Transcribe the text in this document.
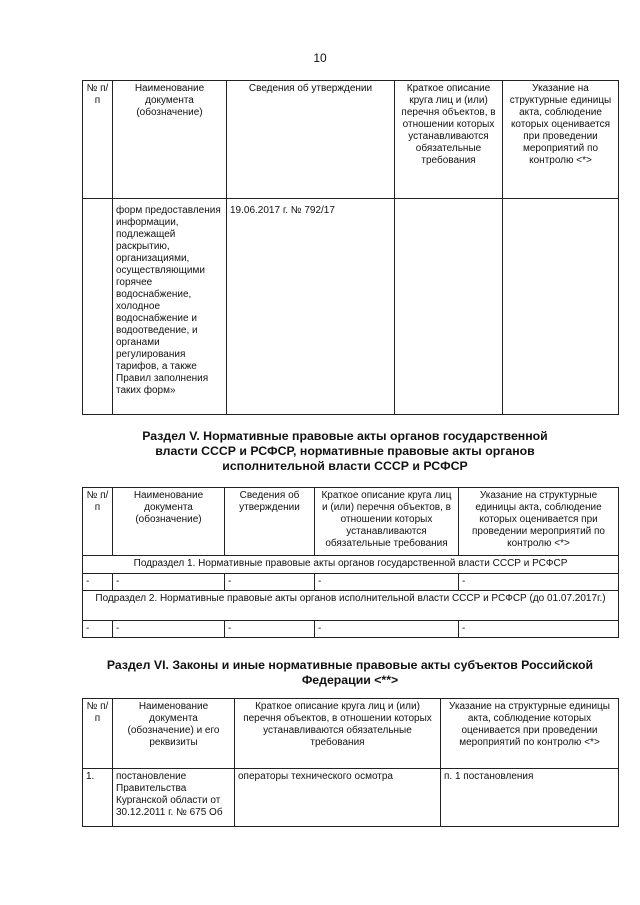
10
№ п/п	Наименование документа (обозначение)	Сведения об утверждении	Краткое описание круга лиц и (или) перечня объектов, в отношении которых устанавливаются обязательные требования	Указание на структурные единицы акта, соблюдение которых оценивается при проведении мероприятий по контролю <*>
	форм предоставления информации, подлежащей раскрытию, организациями, осуществляющими горячее водоснабжение, холодное водоснабжение и водоотведение, и органами регулирования тарифов, а также Правил заполнения таких форм»	19.06.2017 г. № 792/17		
Раздел V. Нормативные правовые акты органов государственной власти СССР и РСФСР, нормативные правовые акты органов исполнительной власти СССР и РСФСР
№ п/п	Наименование документа (обозначение)	Сведения об утверждении	Краткое описание круга лиц и (или) перечня объектов, в отношении которых устанавливаются обязательные требования	Указание на структурные единицы акта, соблюдение которых оценивается при проведении мероприятий по контролю <*>
Подраздел 1. Нормативные правовые акты органов государственной власти СССР и РСФСР				
-	-	-	-	-
Подраздел 2. Нормативные правовые акты органов исполнительной власти СССР и РСФСР (до 01.07.2017г.)				
-	-	-	-	-
Раздел VI. Законы и иные нормативные правовые акты субъектов Российской Федерации <**>
№ п/п	Наименование документа (обозначение) и его реквизиты	Краткое описание круга лиц и (или) перечня объектов, в отношении которых устанавливаются обязательные требования	Указание на структурные единицы акта, соблюдение которых оценивается при проведении мероприятий по контролю <*>
1.	постановление Правительства Курганской области от 30.12.2011 г. № 675 Об	операторы технического осмотра	п. 1 постановления
